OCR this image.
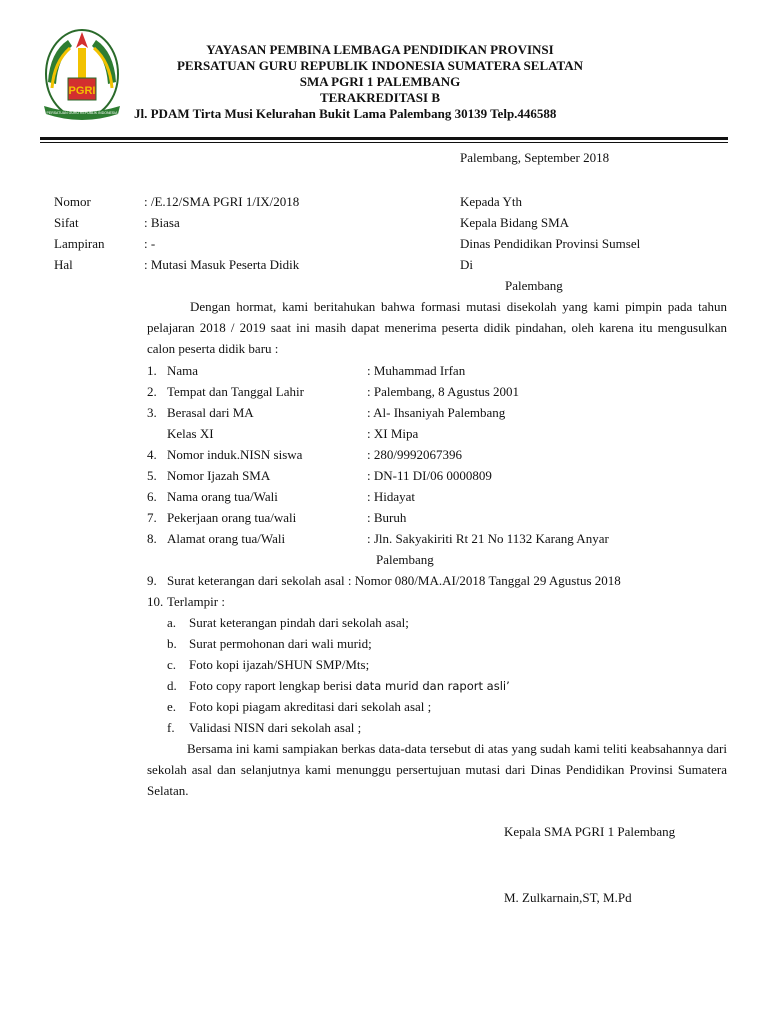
PGRI
PERSATUAN GURU REPUBLIK INDONESIA
YAYASAN PEMBINA LEMBAGA PENDIDIKAN PROVINSI
PERSATUAN GURU REPUBLIK INDONESIA SUMATERA SELATAN
SMA PGRI 1 PALEMBANG
TERAKREDITASI B
Jl. PDAM Tirta Musi Kelurahan Bukit Lama Palembang 30139 Telp.446588
Palembang, September 2018
Nomor	: /E.12/SMA PGRI 1/IX/2018
Sifat	: Biasa
Lampiran	: -
Hal	: Mutasi Masuk Peserta Didik
Kepada Yth
Kepala Bidang SMA
Dinas Pendidikan Provinsi Sumsel
Di
Palembang
Dengan hormat, kami beritahukan bahwa formasi mutasi disekolah yang kami pimpin pada tahun pelajaran 2018 / 2019 saat ini masih dapat menerima peserta didik pindahan, oleh karena itu mengusulkan calon peserta didik baru :
1. Nama	: Muhammad Irfan
2. Tempat dan Tanggal Lahir	: Palembang, 8 Agustus 2001
3. Berasal dari MA	: Al- Ihsaniyah Palembang
Kelas XI	: XI Mipa
4. Nomor induk.NISN siswa	: 280/9992067396
5. Nomor Ijazah SMA	: DN-11 DI/06 0000809
6. Nama orang tua/Wali	: Hidayat
7. Pekerjaan orang tua/wali	: Buruh
8. Alamat orang tua/Wali	: Jln. Sakyakiriti Rt 21 No 1132 Karang Anyar
Palembang
9. Surat keterangan dari sekolah asal : Nomor 080/MA.AI/2018 Tanggal 29 Agustus 2018
10. Terlampir :
a. Surat keterangan pindah dari sekolah asal;
b. Surat permohonan dari wali murid;
c. Foto kopi ijazah/SHUN SMP/Mts;
d. Foto copy raport lengkap berisi data murid dan raport asli’
e. Foto kopi piagam akreditasi dari sekolah asal ;
f. Validasi NISN dari sekolah asal ;
Bersama ini kami sampiakan berkas data-data tersebut di atas yang sudah kami teliti keabsahannya dari sekolah asal dan selanjutnya kami menunggu persertujuan mutasi dari Dinas Pendidikan Provinsi Sumatera Selatan.
Kepala SMA PGRI 1 Palembang
M. Zulkarnain,ST, M.Pd
